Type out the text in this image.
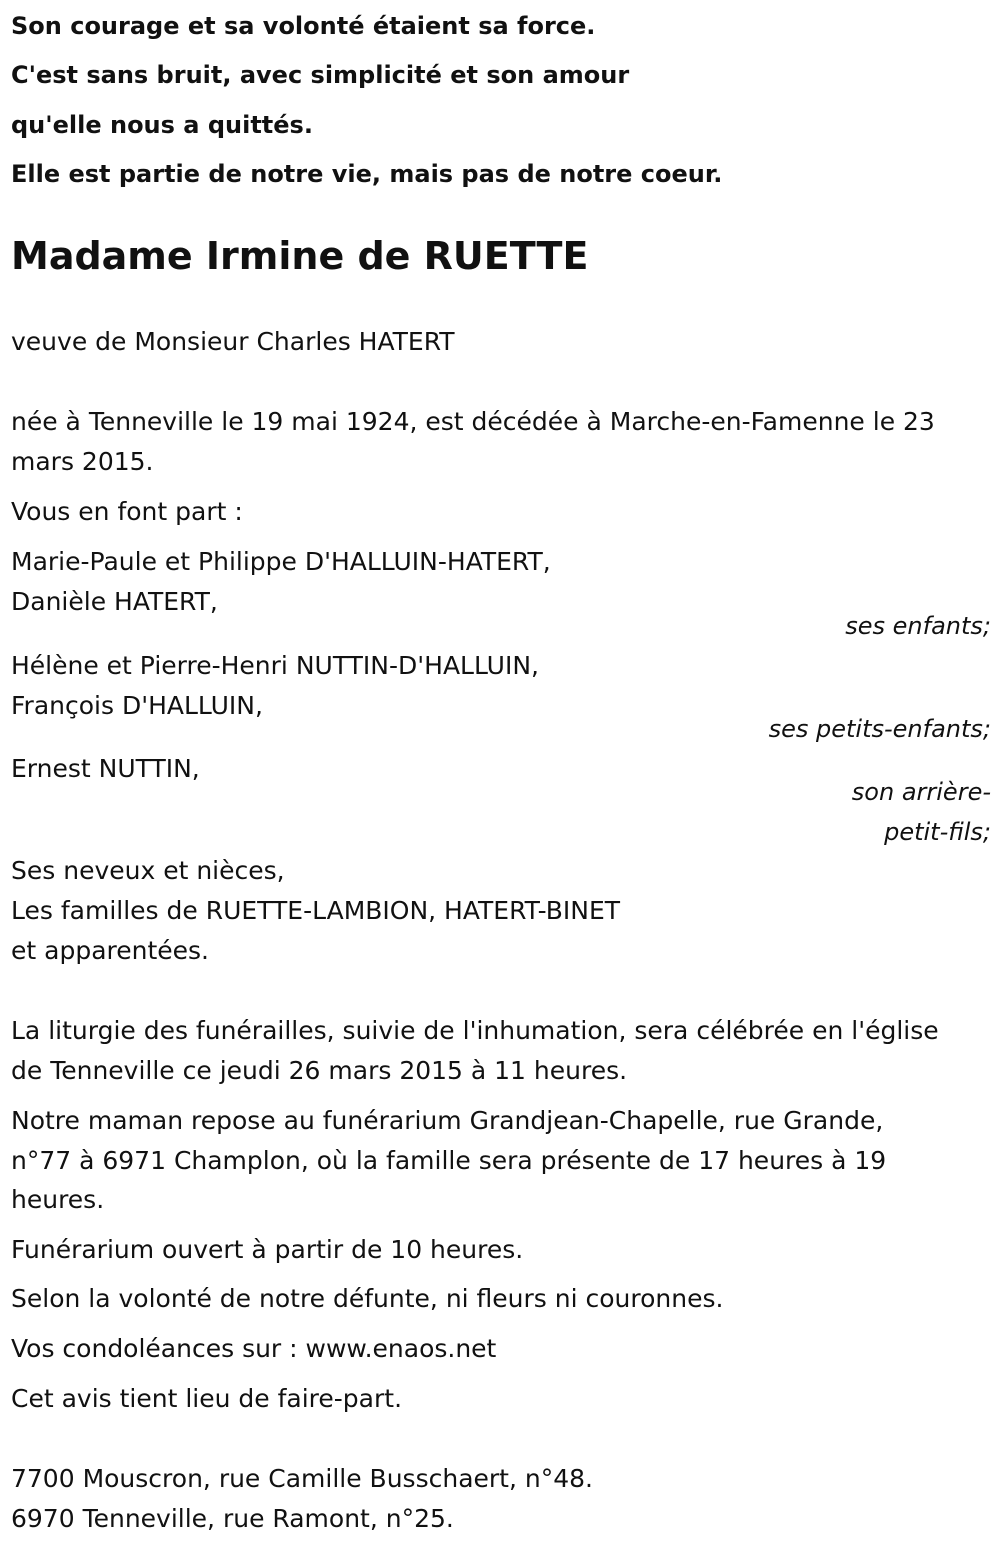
Son courage et sa volonté étaient sa force.
C'est sans bruit, avec simplicité et son amour
qu'elle nous a quittés.
Elle est partie de notre vie, mais pas de notre coeur.
Madame Irmine de RUETTE
veuve de Monsieur Charles HATERT
née à Tenneville le 19 mai 1924, est décédée à Marche-en-Famenne le 23
mars 2015.
Vous en font part :
Marie-Paule et Philippe D'HALLUIN-HATERT,
Danièle HATERT,
ses enfants;
Hélène et Pierre-Henri NUTTIN-D'HALLUIN,
François D'HALLUIN,
ses petits-enfants;
Ernest NUTTIN,
son arrière-
petit-fils;
Ses neveux et nièces,
Les familles de RUETTE-LAMBION, HATERT-BINET
et apparentées.
La liturgie des funérailles, suivie de l'inhumation, sera célébrée en l'église
de Tenneville ce jeudi 26 mars 2015 à 11 heures.
Notre maman repose au funérarium Grandjean-Chapelle, rue Grande,
n°77 à 6971 Champlon, où la famille sera présente de 17 heures à 19
heures.
Funérarium ouvert à partir de 10 heures.
Selon la volonté de notre défunte, ni fleurs ni couronnes.
Vos condoléances sur : www.enaos.net
Cet avis tient lieu de faire-part.
7700 Mouscron, rue Camille Busschaert, n°48.
6970 Tenneville, rue Ramont, n°25.
